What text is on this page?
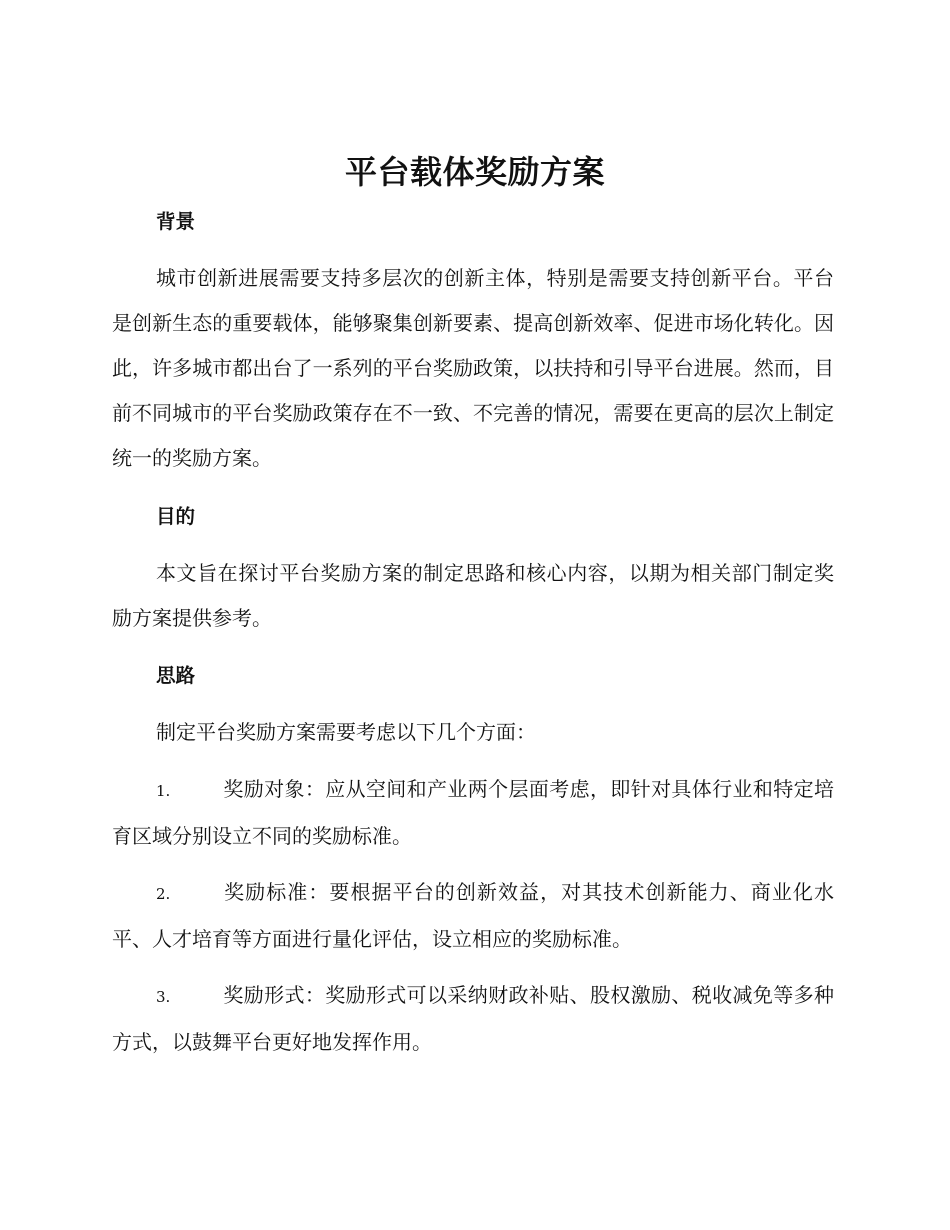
平台载体奖励方案
背景

城市创新进展需要支持多层次的创新主体，特别是需要支持创新平台。平台是创新生态的重要载体，能够聚集创新要素、提高创新效率、促进市场化转化。因此，许多城市都出台了一系列的平台奖励政策，以扶持和引导平台进展。然而，目前不同城市的平台奖励政策存在不一致、不完善的情况，需要在更高的层次上制定统一的奖励方案。

目的

本文旨在探讨平台奖励方案的制定思路和核心内容，以期为相关部门制定奖励方案提供参考。

思路

制定平台奖励方案需要考虑以下几个方面：

1.	奖励对象：应从空间和产业两个层面考虑，即针对具体行业和特定培育区域分别设立不同的奖励标准。

2.	奖励标准：要根据平台的创新效益，对其技术创新能力、商业化水平、人才培育等方面进行量化评估，设立相应的奖励标准。

3.	奖励形式：奖励形式可以采纳财政补贴、股权激励、税收减免等多种方式，以鼓舞平台更好地发挥作用。
